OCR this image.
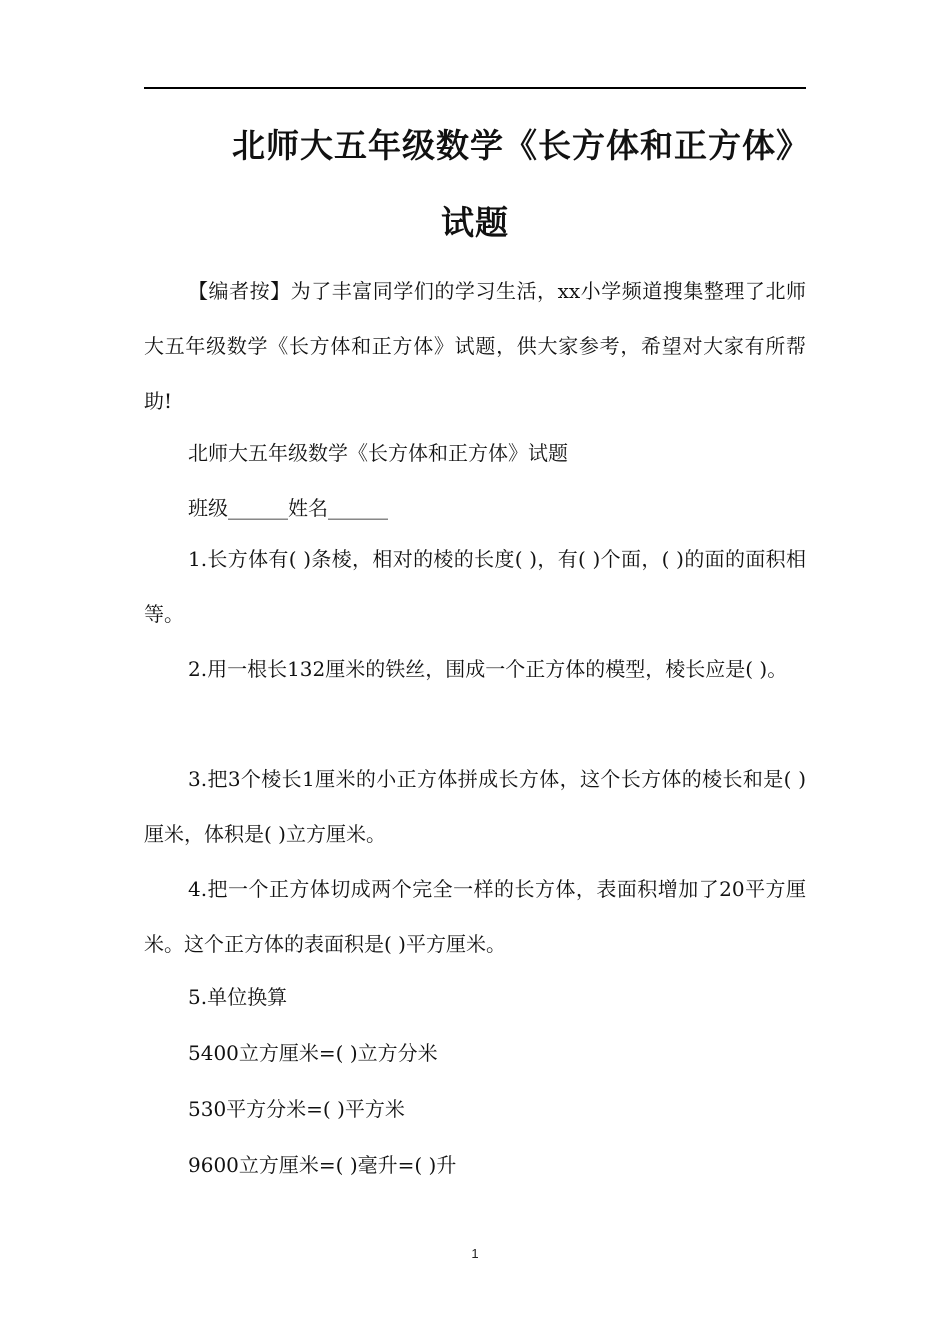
北师大五年级数学《长方体和正方体》
试题

【编者按】为了丰富同学们的学习生活，xx小学频道搜集整理了北师大五年级数学《长方体和正方体》试题，供大家参考，希望对大家有所帮助!

北师大五年级数学《长方体和正方体》试题

班级______姓名______

1.长方体有( )条棱，相对的棱的长度( )，有( )个面，( )的面的面积相等。

2.用一根长132厘米的铁丝，围成一个正方体的模型，棱长应是( )。

3.把3个棱长1厘米的小正方体拼成长方体，这个长方体的棱长和是( )厘米，体积是( )立方厘米。

4.把一个正方体切成两个完全一样的长方体，表面积增加了20平方厘米。这个正方体的表面积是( )平方厘米。

5.单位换算

5400立方厘米=( )立方分米

530平方分米=( )平方米

9600立方厘米=( )毫升=( )升

1
